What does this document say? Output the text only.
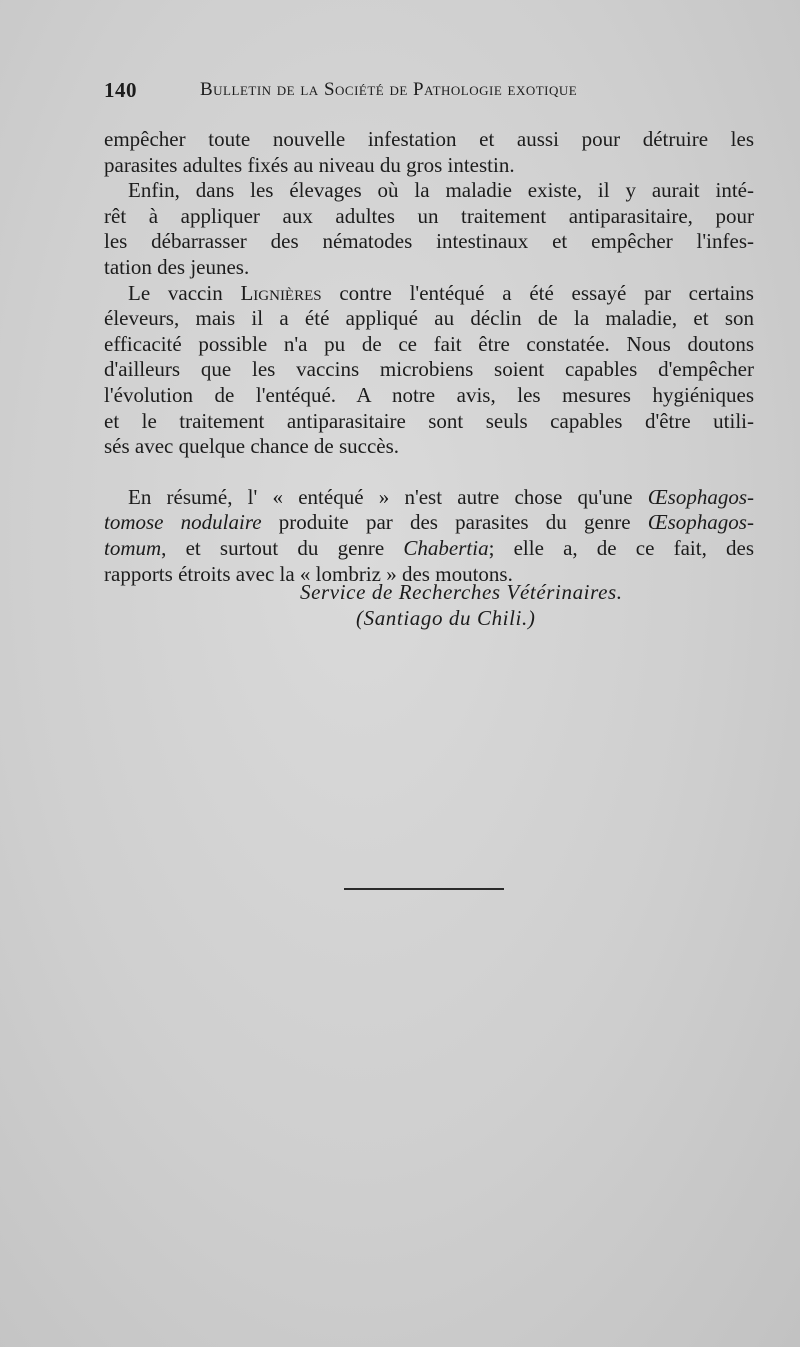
140	Bulletin de la Société de Pathologie exotique
empêcher toute nouvelle infestation et aussi pour détruire les
parasites adultes fixés au niveau du gros intestin.
Enfin, dans les élevages où la maladie existe, il y aurait inté-
rêt à appliquer aux adultes un traitement antiparasitaire, pour
les débarrasser des nématodes intestinaux et empêcher l'infes-
tation des jeunes.
Le vaccin Lignières contre l'entéqué a été essayé par certains
éleveurs, mais il a été appliqué au déclin de la maladie, et son
efficacité possible n'a pu de ce fait être constatée. Nous doutons
d'ailleurs que les vaccins microbiens soient capables d'empêcher
l'évolution de l'entéqué. A notre avis, les mesures hygiéniques
et le traitement antiparasitaire sont seuls capables d'être utili-
sés avec quelque chance de succès.
En résumé, l' « entéqué » n'est autre chose qu'une Œsophagos-
tomose nodulaire produite par des parasites du genre Œsophagos-
tomum, et surtout du genre Chabertia; elle a, de ce fait, des
rapports étroits avec la « lombriz » des moutons.
Service de Recherches Vétérinaires.
(Santiago du Chili.)
